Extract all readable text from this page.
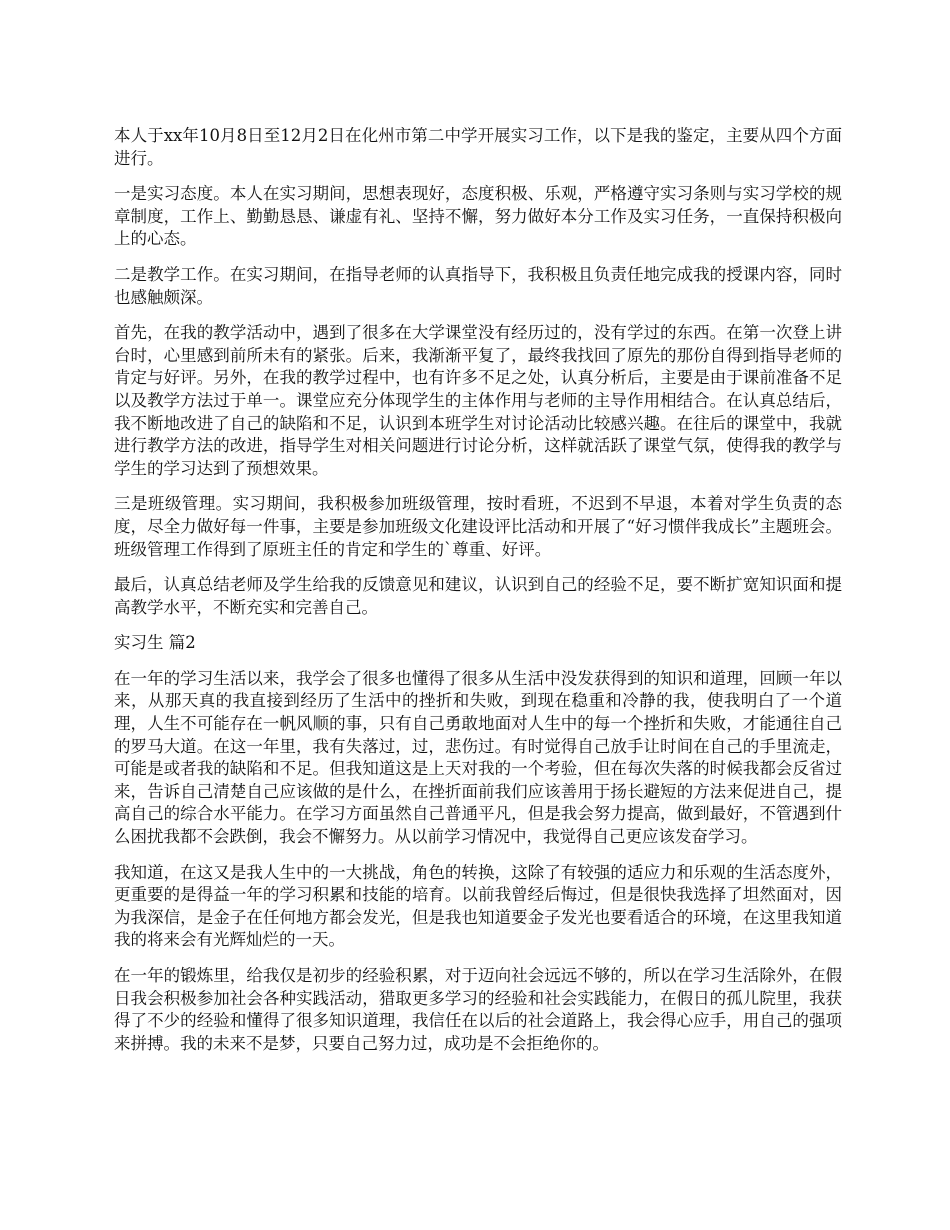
本人于xx年10月8日至12月2日在化州市第二中学开展实习工作，以下是我的鉴定，主要从四个方面进行。

一是实习态度。本人在实习期间，思想表现好，态度积极、乐观，严格遵守实习条则与实习学校的规章制度，工作上、勤勤恳恳、谦虚有礼、坚持不懈，努力做好本分工作及实习任务，一直保持积极向上的心态。

二是教学工作。在实习期间，在指导老师的认真指导下，我积极且负责任地完成我的授课内容，同时也感触颇深。

首先，在我的教学活动中，遇到了很多在大学课堂没有经历过的，没有学过的东西。在第一次登上讲台时，心里感到前所未有的紧张。后来，我渐渐平复了，最终我找回了原先的那份自得到指导老师的肯定与好评。另外，在我的教学过程中，也有许多不足之处，认真分析后，主要是由于课前准备不足以及教学方法过于单一。课堂应充分体现学生的主体作用与老师的主导作用相结合。在认真总结后，我不断地改进了自己的缺陷和不足，认识到本班学生对讨论活动比较感兴趣。在往后的课堂中，我就进行教学方法的改进，指导学生对相关问题进行讨论分析，这样就活跃了课堂气氛，使得我的教学与学生的学习达到了预想效果。

三是班级管理。实习期间，我积极参加班级管理，按时看班，不迟到不早退，本着对学生负责的态度，尽全力做好每一件事，主要是参加班级文化建设评比活动和开展了“好习惯伴我成长”主题班会。班级管理工作得到了原班主任的肯定和学生的`尊重、好评。

最后，认真总结老师及学生给我的反馈意见和建议，认识到自己的经验不足，要不断扩宽知识面和提高教学水平，不断充实和完善自己。

实习生 篇2

在一年的学习生活以来，我学会了很多也懂得了很多从生活中没发获得到的知识和道理，回顾一年以来，从那天真的我直接到经历了生活中的挫折和失败，到现在稳重和冷静的我，使我明白了一个道理，人生不可能存在一帆风顺的事，只有自己勇敢地面对人生中的每一个挫折和失败，才能通往自己的罗马大道。在这一年里，我有失落过，过，悲伤过。有时觉得自己放手让时间在自己的手里流走，可能是或者我的缺陷和不足。但我知道这是上天对我的一个考验，但在每次失落的时候我都会反省过来，告诉自己清楚自己应该做的是什么，在挫折面前我们应该善用于扬长避短的方法来促进自己，提高自己的综合水平能力。在学习方面虽然自己普通平凡，但是我会努力提高，做到最好，不管遇到什么困扰我都不会跌倒，我会不懈努力。从以前学习情况中，我觉得自己更应该发奋学习。

我知道，在这又是我人生中的一大挑战，角色的转换，这除了有较强的适应力和乐观的生活态度外，更重要的是得益一年的学习积累和技能的培育。以前我曾经后悔过，但是很快我选择了坦然面对，因为我深信，是金子在任何地方都会发光，但是我也知道要金子发光也要看适合的环境，在这里我知道我的将来会有光辉灿烂的一天。

在一年的锻炼里，给我仅是初步的经验积累，对于迈向社会远远不够的，所以在学习生活除外，在假日我会积极参加社会各种实践活动，猎取更多学习的经验和社会实践能力，在假日的孤儿院里，我获得了不少的经验和懂得了很多知识道理，我信任在以后的社会道路上，我会得心应手，用自己的强项来拼搏。我的未来不是梦，只要自己努力过，成功是不会拒绝你的。
